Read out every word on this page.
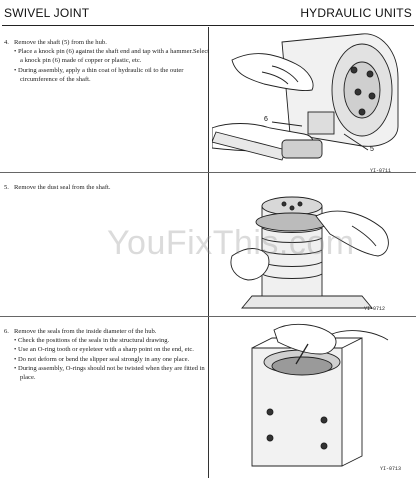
SWIVEL JOINT	HYDRAULIC UNITS
4. Remove the shaft (5) from the hub.
• Place a knock pin (6) against the shaft end and tap with a hammer.Select a knock pin (6) made of copper or plastic, etc.
• During assembly, apply a thin coat of hydraulic oil to the outer circumference of the shaft.
5. Remove the dust seal from the shaft.
6. Remove the seals from the inside diameter of the hub.
• Check the positions of the seals in the structural drawing.
• Use an O-ring tooth or eyeleteer with a sharp point on the end, etc.
• Do not deform or bend the slipper seal strongly in any one place.
• During assembly, O-rings should not be twisted when they are fitted in place.
6
5
YI-0711
YI-0712
YI-0713
YouFixThis.com
